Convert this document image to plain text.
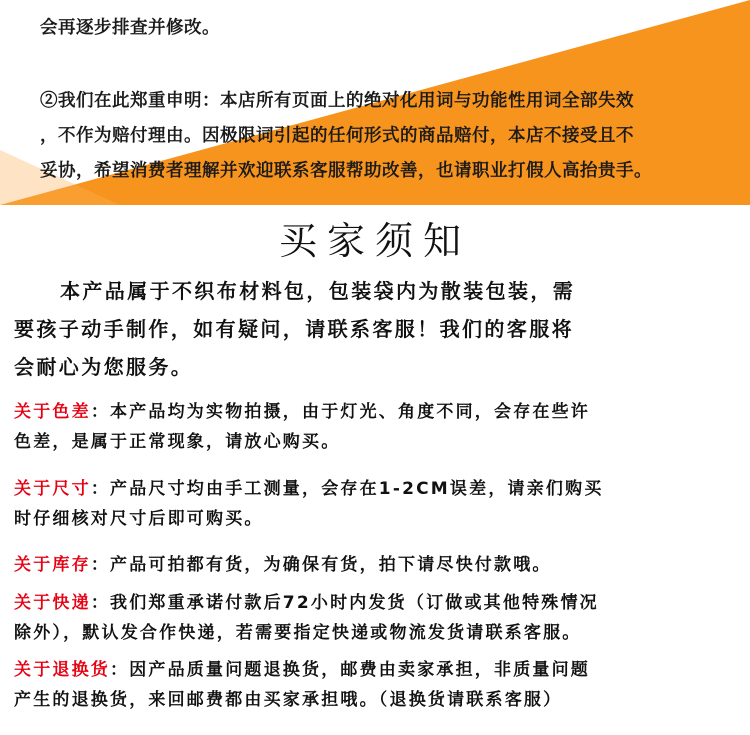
会再逐步排查并修改。
②我们在此郑重申明：本店所有页面上的绝对化用词与功能性用词全部失效
，不作为赔付理由。因极限词引起的任何形式的商品赔付，本店不接受且不
妥协，希望消费者理解并欢迎联系客服帮助改善，也请职业打假人高抬贵手。
买家须知
本产品属于不织布材料包，包装袋内为散装包装，需
要孩子动手制作，如有疑问，请联系客服！我们的客服将
会耐心为您服务。
关于色差：本产品均为实物拍摄，由于灯光、角度不同，会存在些许
色差，是属于正常现象，请放心购买。
关于尺寸：产品尺寸均由手工测量，会存在1-2CM误差，请亲们购买
时仔细核对尺寸后即可购买。
关于库存：产品可拍都有货，为确保有货，拍下请尽快付款哦。
关于快递：我们郑重承诺付款后72小时内发货（订做或其他特殊情况
除外），默认发合作快递，若需要指定快递或物流发货请联系客服。
关于退换货：因产品质量问题退换货，邮费由卖家承担，非质量问题
产生的退换货，来回邮费都由买家承担哦。（退换货请联系客服）
